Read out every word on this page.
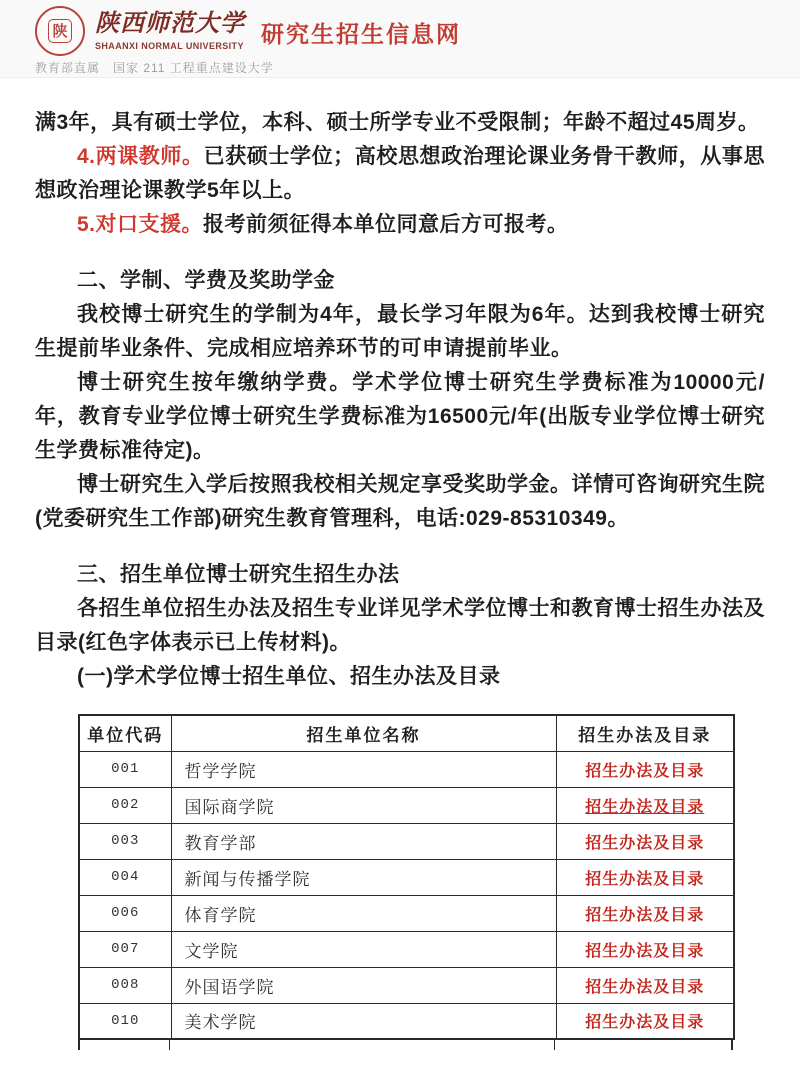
陕 陕西师范大学
SHAANXI NORMAL UNIVERSITY 研究生招生信息网
教育部直属　国家 211 工程重点建设大学

满3年，具有硕士学位，本科、硕士所学专业不受限制；年龄不超过45周岁。

4.两课教师。已获硕士学位；高校思想政治理论课业务骨干教师，从事思想政治理论课教学5年以上。

5.对口支援。报考前须征得本单位同意后方可报考。

二、学制、学费及奖助学金

我校博士研究生的学制为4年，最长学习年限为6年。达到我校博士研究生提前毕业条件、完成相应培养环节的可申请提前毕业。

博士研究生按年缴纳学费。学术学位博士研究生学费标准为10000元/年，教育专业学位博士研究生学费标准为16500元/年(出版专业学位博士研究生学费标准待定)。

博士研究生入学后按照我校相关规定享受奖助学金。详情可咨询研究生院(党委研究生工作部)研究生教育管理科，电话:029-85310349。

三、招生单位博士研究生招生办法

各招生单位招生办法及招生专业详见学术学位博士和教育博士招生办法及目录(红色字体表示已上传材料)。

(一)学术学位博士招生单位、招生办法及目录

单位代码	招生单位名称	招生办法及目录
001	哲学学院	招生办法及目录
002	国际商学院	招生办法及目录
003	教育学部	招生办法及目录
004	新闻与传播学院	招生办法及目录
006	体育学院	招生办法及目录
007	文学院	招生办法及目录
008	外国语学院	招生办法及目录
010	美术学院	招生办法及目录
